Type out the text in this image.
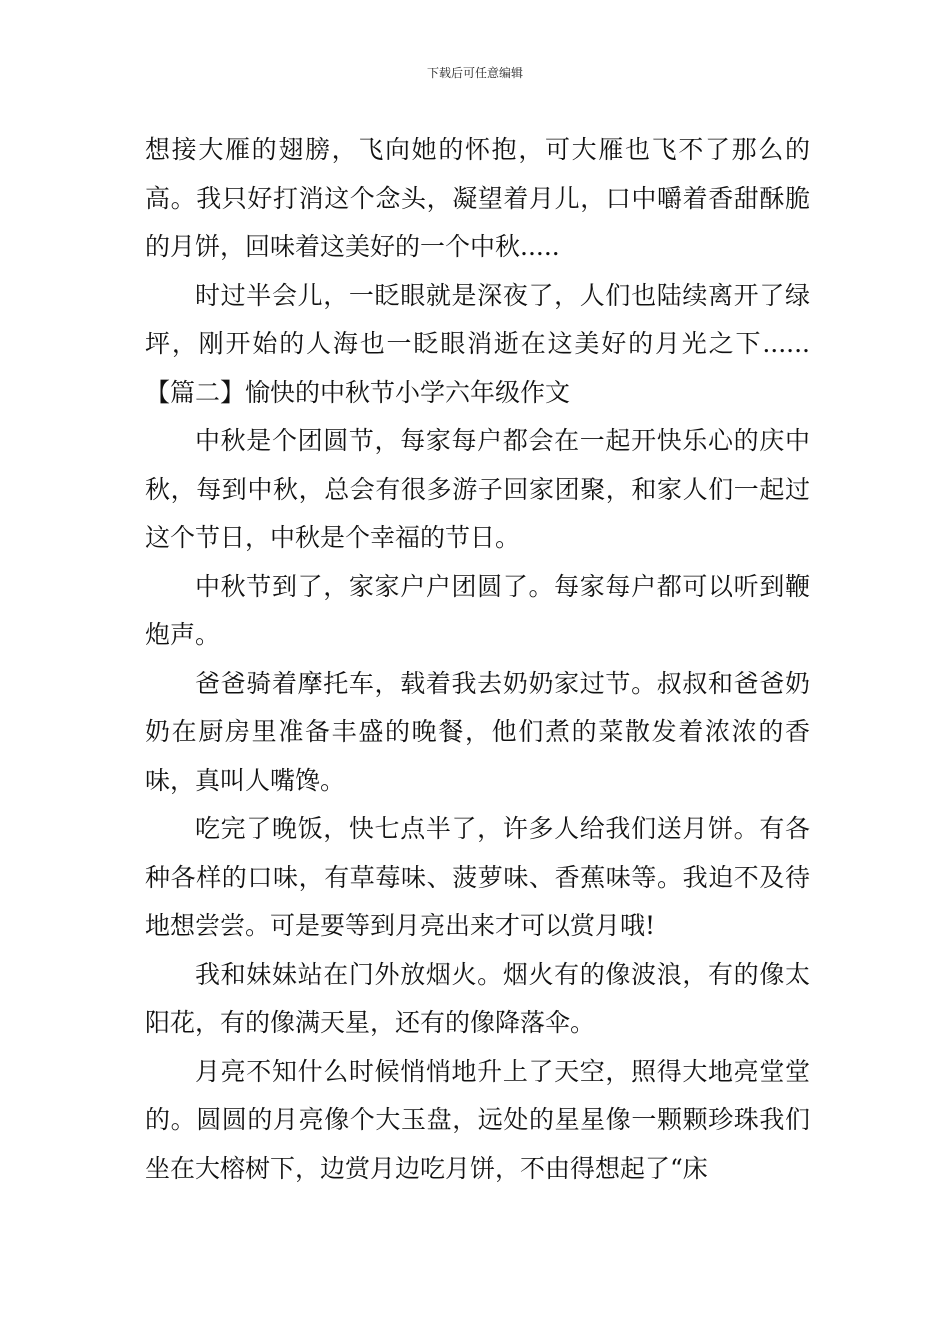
下载后可任意编辑

想接大雁的翅膀，飞向她的怀抱，可大雁也飞不了那么的高。我只好打消这个念头，凝望着月儿，口中嚼着香甜酥脆的月饼，回味着这美好的一个中秋.....

时过半会儿，一眨眼就是深夜了，人们也陆续离开了绿坪，刚开始的人海也一眨眼消逝在这美好的月光之下......【篇二】愉快的中秋节小学六年级作文

中秋是个团圆节，每家每户都会在一起开快乐心的庆中秋，每到中秋，总会有很多游子回家团聚，和家人们一起过这个节日，中秋是个幸福的节日。

中秋节到了，家家户户团圆了。每家每户都可以听到鞭炮声。

爸爸骑着摩托车，载着我去奶奶家过节。叔叔和爸爸奶奶在厨房里准备丰盛的晚餐，他们煮的菜散发着浓浓的香味，真叫人嘴馋。

吃完了晚饭，快七点半了，许多人给我们送月饼。有各种各样的口味，有草莓味、菠萝味、香蕉味等。我迫不及待地想尝尝。可是要等到月亮出来才可以赏月哦!

我和妹妹站在门外放烟火。烟火有的像波浪，有的像太阳花，有的像满天星，还有的像降落伞。

月亮不知什么时候悄悄地升上了天空，照得大地亮堂堂的。圆圆的月亮像个大玉盘，远处的星星像一颗颗珍珠我们坐在大榕树下，边赏月边吃月饼，不由得想起了“床
